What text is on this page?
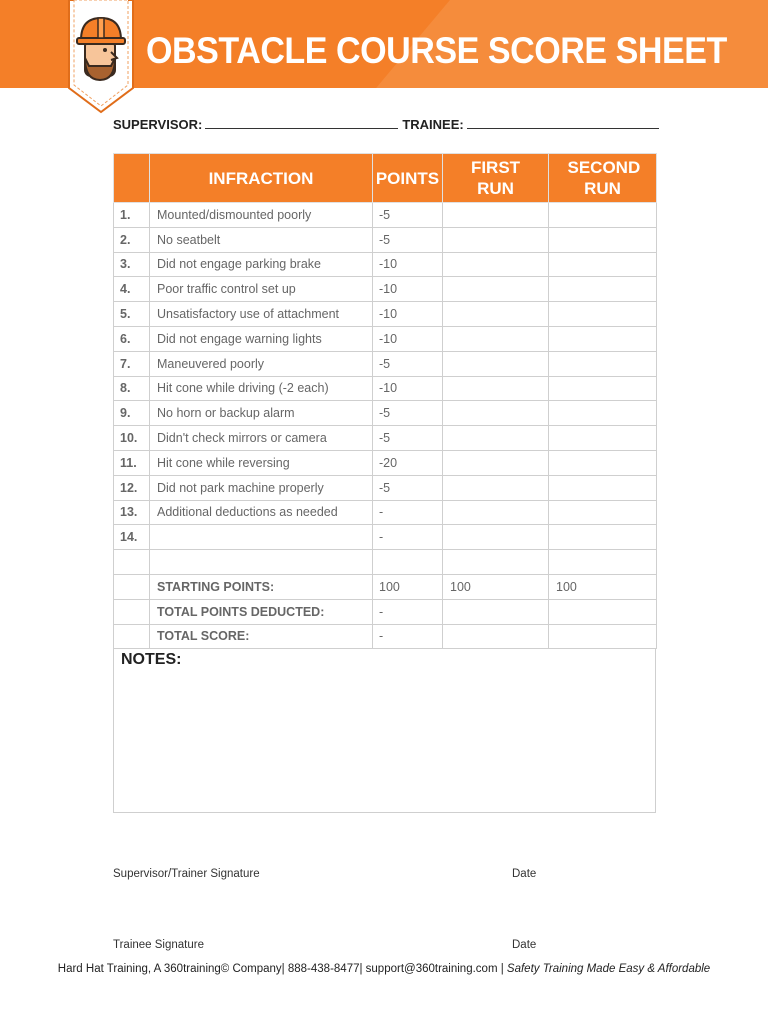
OBSTACLE COURSE SCORE SHEET
SUPERVISOR:	TRAINEE:
	INFRACTION	POINTS	FIRST RUN	SECOND RUN
1.	Mounted/dismounted poorly	-5		
2.	No seatbelt	-5		
3.	Did not engage parking brake	-10		
4.	Poor traffic control set up	-10		
5.	Unsatisfactory use of attachment	-10		
6.	Did not engage warning lights	-10		
7.	Maneuvered poorly	-5		
8.	Hit cone while driving (-2 each)	-10		
9.	No horn or backup alarm	-5		
10.	Didn't check mirrors or camera	-5		
11.	Hit cone while reversing	-20		
12.	Did not park machine properly	-5		
13.	Additional deductions as needed	-		
14.		-		

	STARTING POINTS:	100	100	100
	TOTAL POINTS DEDUCTED:	-		
	TOTAL SCORE:	-		
NOTES:
Supervisor/Trainer Signature	Date
Trainee Signature	Date
Hard Hat Training, A 360training© Company| 888-438-8477| support@360training.com | Safety Training Made Easy & Affordable
